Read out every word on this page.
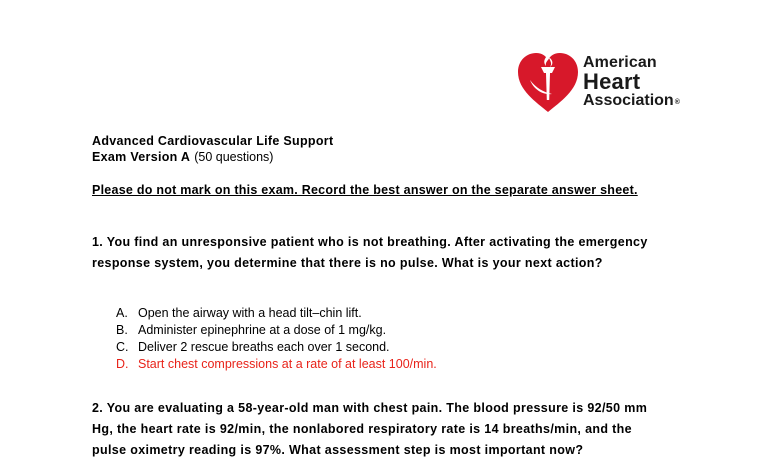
American
Heart
Association®
Advanced Cardiovascular Life Support
Exam Version A (50 questions)
Please do not mark on this exam. Record the best answer on the separate answer sheet.
1. You find an unresponsive patient who is not breathing. After activating the emergency response system, you determine that there is no pulse. What is your next action?
A. Open the airway with a head tilt–chin lift.
B. Administer epinephrine at a dose of 1 mg/kg.
C. Deliver 2 rescue breaths each over 1 second.
D. Start chest compressions at a rate of at least 100/min.
2. You are evaluating a 58-year-old man with chest pain. The blood pressure is 92/50 mm Hg, the heart rate is 92/min, the nonlabored respiratory rate is 14 breaths/min, and the pulse oximetry reading is 97%. What assessment step is most important now?
